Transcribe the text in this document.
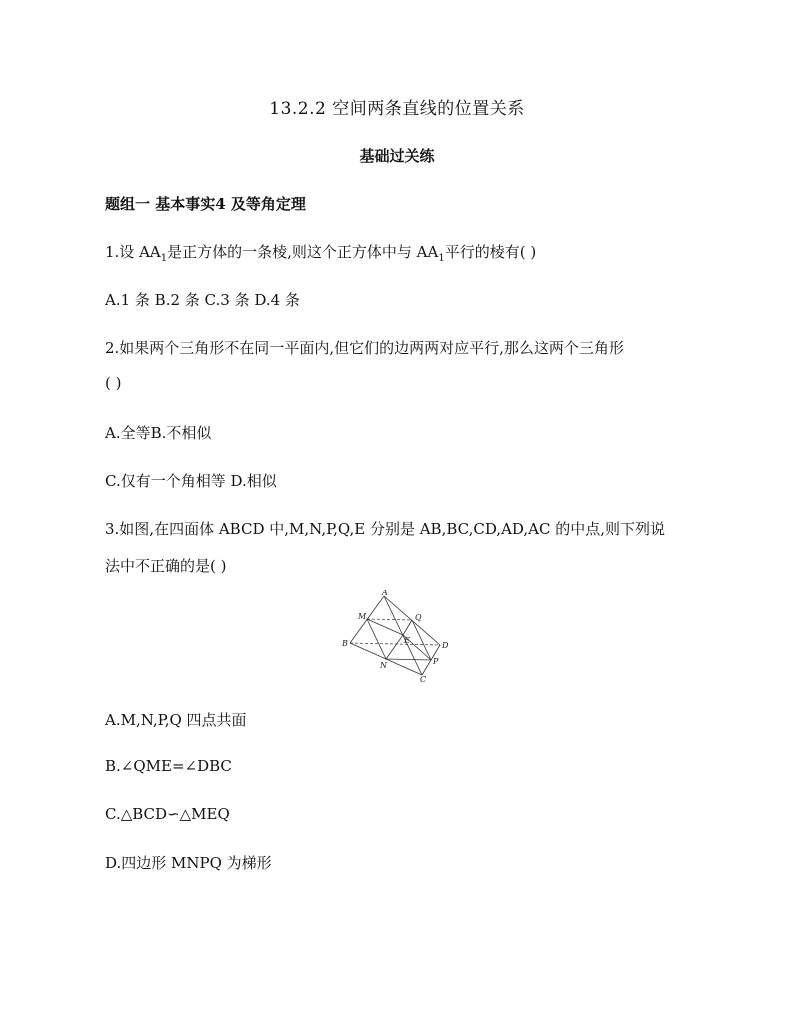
13.2.2 空间两条直线的位置关系
基础过关练
题组一 基本事实4 及等角定理
1.设 $AA_1$是正方体的一条棱,则这个正方体中与 $AA_1$平行的棱有( )
A.1 条 B.2 条 C.3 条 D.4 条
2.如果两个三角形不在同一平面内,但它们的边两两对应平行,那么这两个三角形
( )
A.全等B.不相似
C.仅有一个角相等 D.相似
3.如图,在四面体 ABCD 中,M,N,P,Q,E 分别是 AB,BC,CD,AD,AC 的中点,则下列说
法中不正确的是( )
A
B
C
D
M
N	P
Q
E
A.M,N,P,Q 四点共面
B.∠QME=∠DBC
C.△BCD∽△MEQ
D.四边形 MNPQ 为梯形
